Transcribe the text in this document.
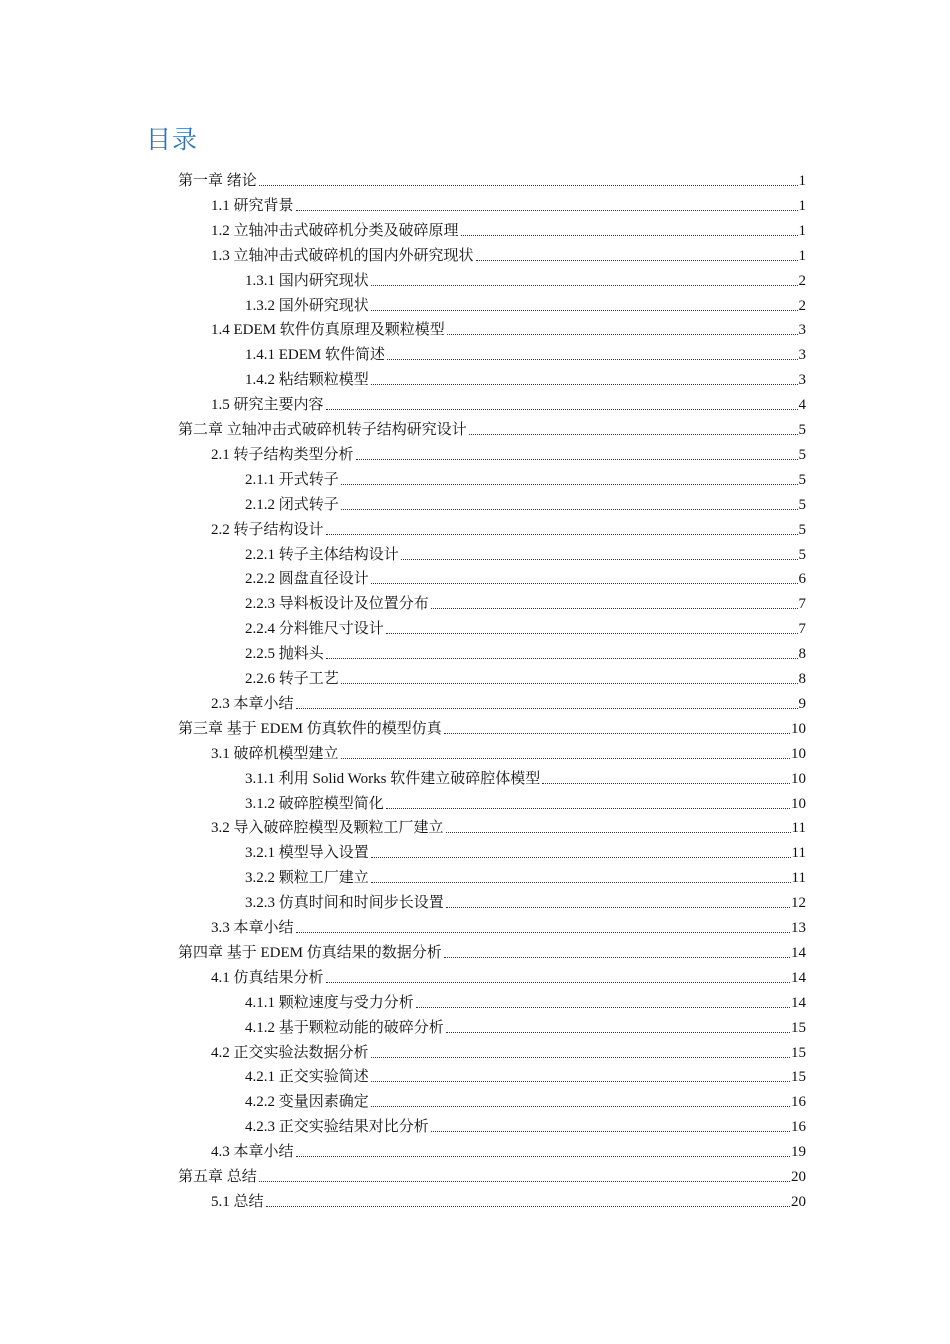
目录
第一章 绪论	1
1.1 研究背景	1
1.2 立轴冲击式破碎机分类及破碎原理	1
1.3 立轴冲击式破碎机的国内外研究现状	1
1.3.1 国内研究现状	2
1.3.2 国外研究现状	2
1.4 EDEM 软件仿真原理及颗粒模型	3
1.4.1 EDEM 软件简述	3
1.4.2 粘结颗粒模型	3
1.5 研究主要内容	4
第二章 立轴冲击式破碎机转子结构研究设计	5
2.1 转子结构类型分析	5
2.1.1 开式转子	5
2.1.2 闭式转子	5
2.2 转子结构设计	5
2.2.1 转子主体结构设计	5
2.2.2 圆盘直径设计	6
2.2.3 导料板设计及位置分布	7
2.2.4 分料锥尺寸设计	7
2.2.5 抛料头	8
2.2.6 转子工艺	8
2.3 本章小结	9
第三章 基于 EDEM 仿真软件的模型仿真	10
3.1 破碎机模型建立	10
3.1.1 利用 Solid Works 软件建立破碎腔体模型	10
3.1.2 破碎腔模型简化	10
3.2 导入破碎腔模型及颗粒工厂建立	11
3.2.1 模型导入设置	11
3.2.2 颗粒工厂建立	11
3.2.3 仿真时间和时间步长设置	12
3.3 本章小结	13
第四章 基于 EDEM 仿真结果的数据分析	14
4.1 仿真结果分析	14
4.1.1 颗粒速度与受力分析	14
4.1.2 基于颗粒动能的破碎分析	15
4.2 正交实验法数据分析	15
4.2.1 正交实验简述	15
4.2.2 变量因素确定	16
4.2.3 正交实验结果对比分析	16
4.3 本章小结	19
第五章 总结	20
5.1 总结	20
